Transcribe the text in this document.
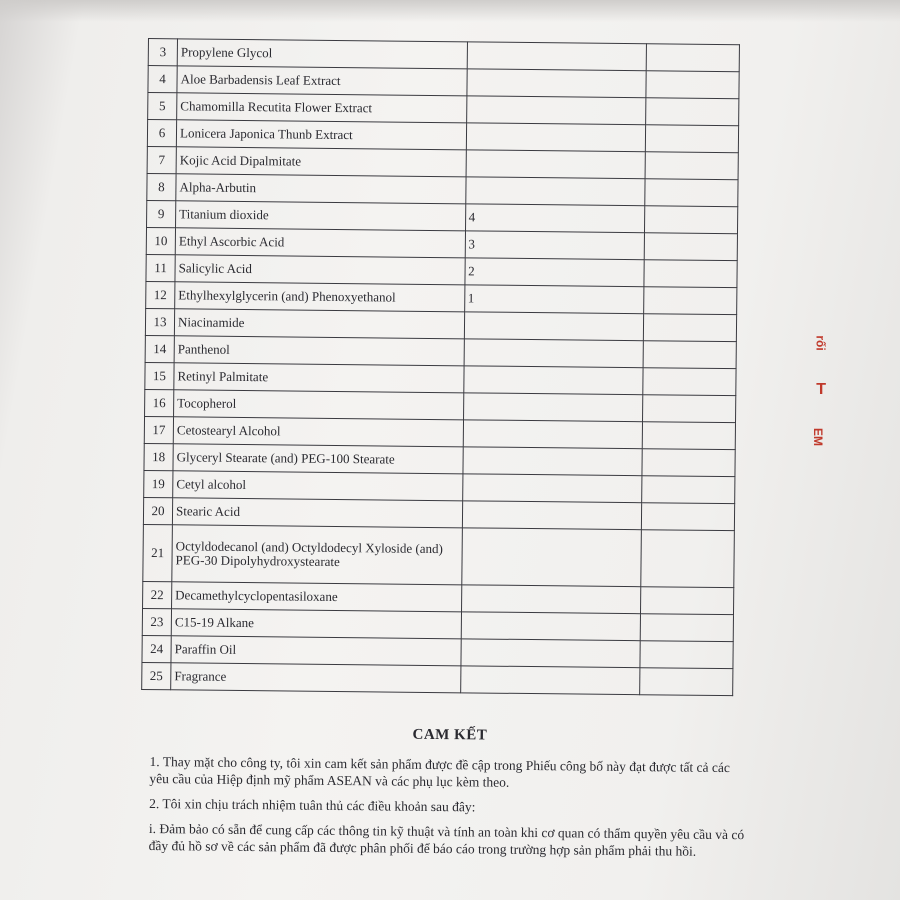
3	Propylene Glycol		
4	Aloe Barbadensis Leaf Extract		
5	Chamomilla Recutita Flower Extract		
6	Lonicera Japonica Thunb Extract		
7	Kojic Acid Dipalmitate		
8	Alpha-Arbutin		
9	Titanium dioxide	4	
10	Ethyl Ascorbic Acid	3	
11	Salicylic Acid	2	
12	Ethylhexylglycerin (and) Phenoxyethanol	1	
13	Niacinamide		
14	Panthenol		
15	Retinyl Palmitate		
16	Tocopherol		
17	Cetostearyl Alcohol		
18	Glyceryl Stearate (and) PEG-100 Stearate		
19	Cetyl alcohol		
20	Stearic Acid		
21	Octyldodecanol (and) Octyldodecyl Xyloside (and) PEG-30 Dipolyhydroxystearate		
22	Decamethylcyclopentasiloxane		
23	C15-19 Alkane		
24	Paraffin Oil		
25	Fragrance		
CAM KẾT

1. Thay mặt cho công ty, tôi xin cam kết sản phẩm được đề cập trong Phiếu công bố này đạt được tất cả các yêu cầu của Hiệp định mỹ phẩm ASEAN và các phụ lục kèm theo.

2. Tôi xin chịu trách nhiệm tuân thủ các điều khoản sau đây:

i. Đảm bảo có sẵn để cung cấp các thông tin kỹ thuật và tính an toàn khi cơ quan có thẩm quyền yêu cầu và có đầy đủ hồ sơ về các sản phẩm đã được phân phối để báo cáo trong trường hợp sản phẩm phải thu hồi.

rối
T
ЕМ
